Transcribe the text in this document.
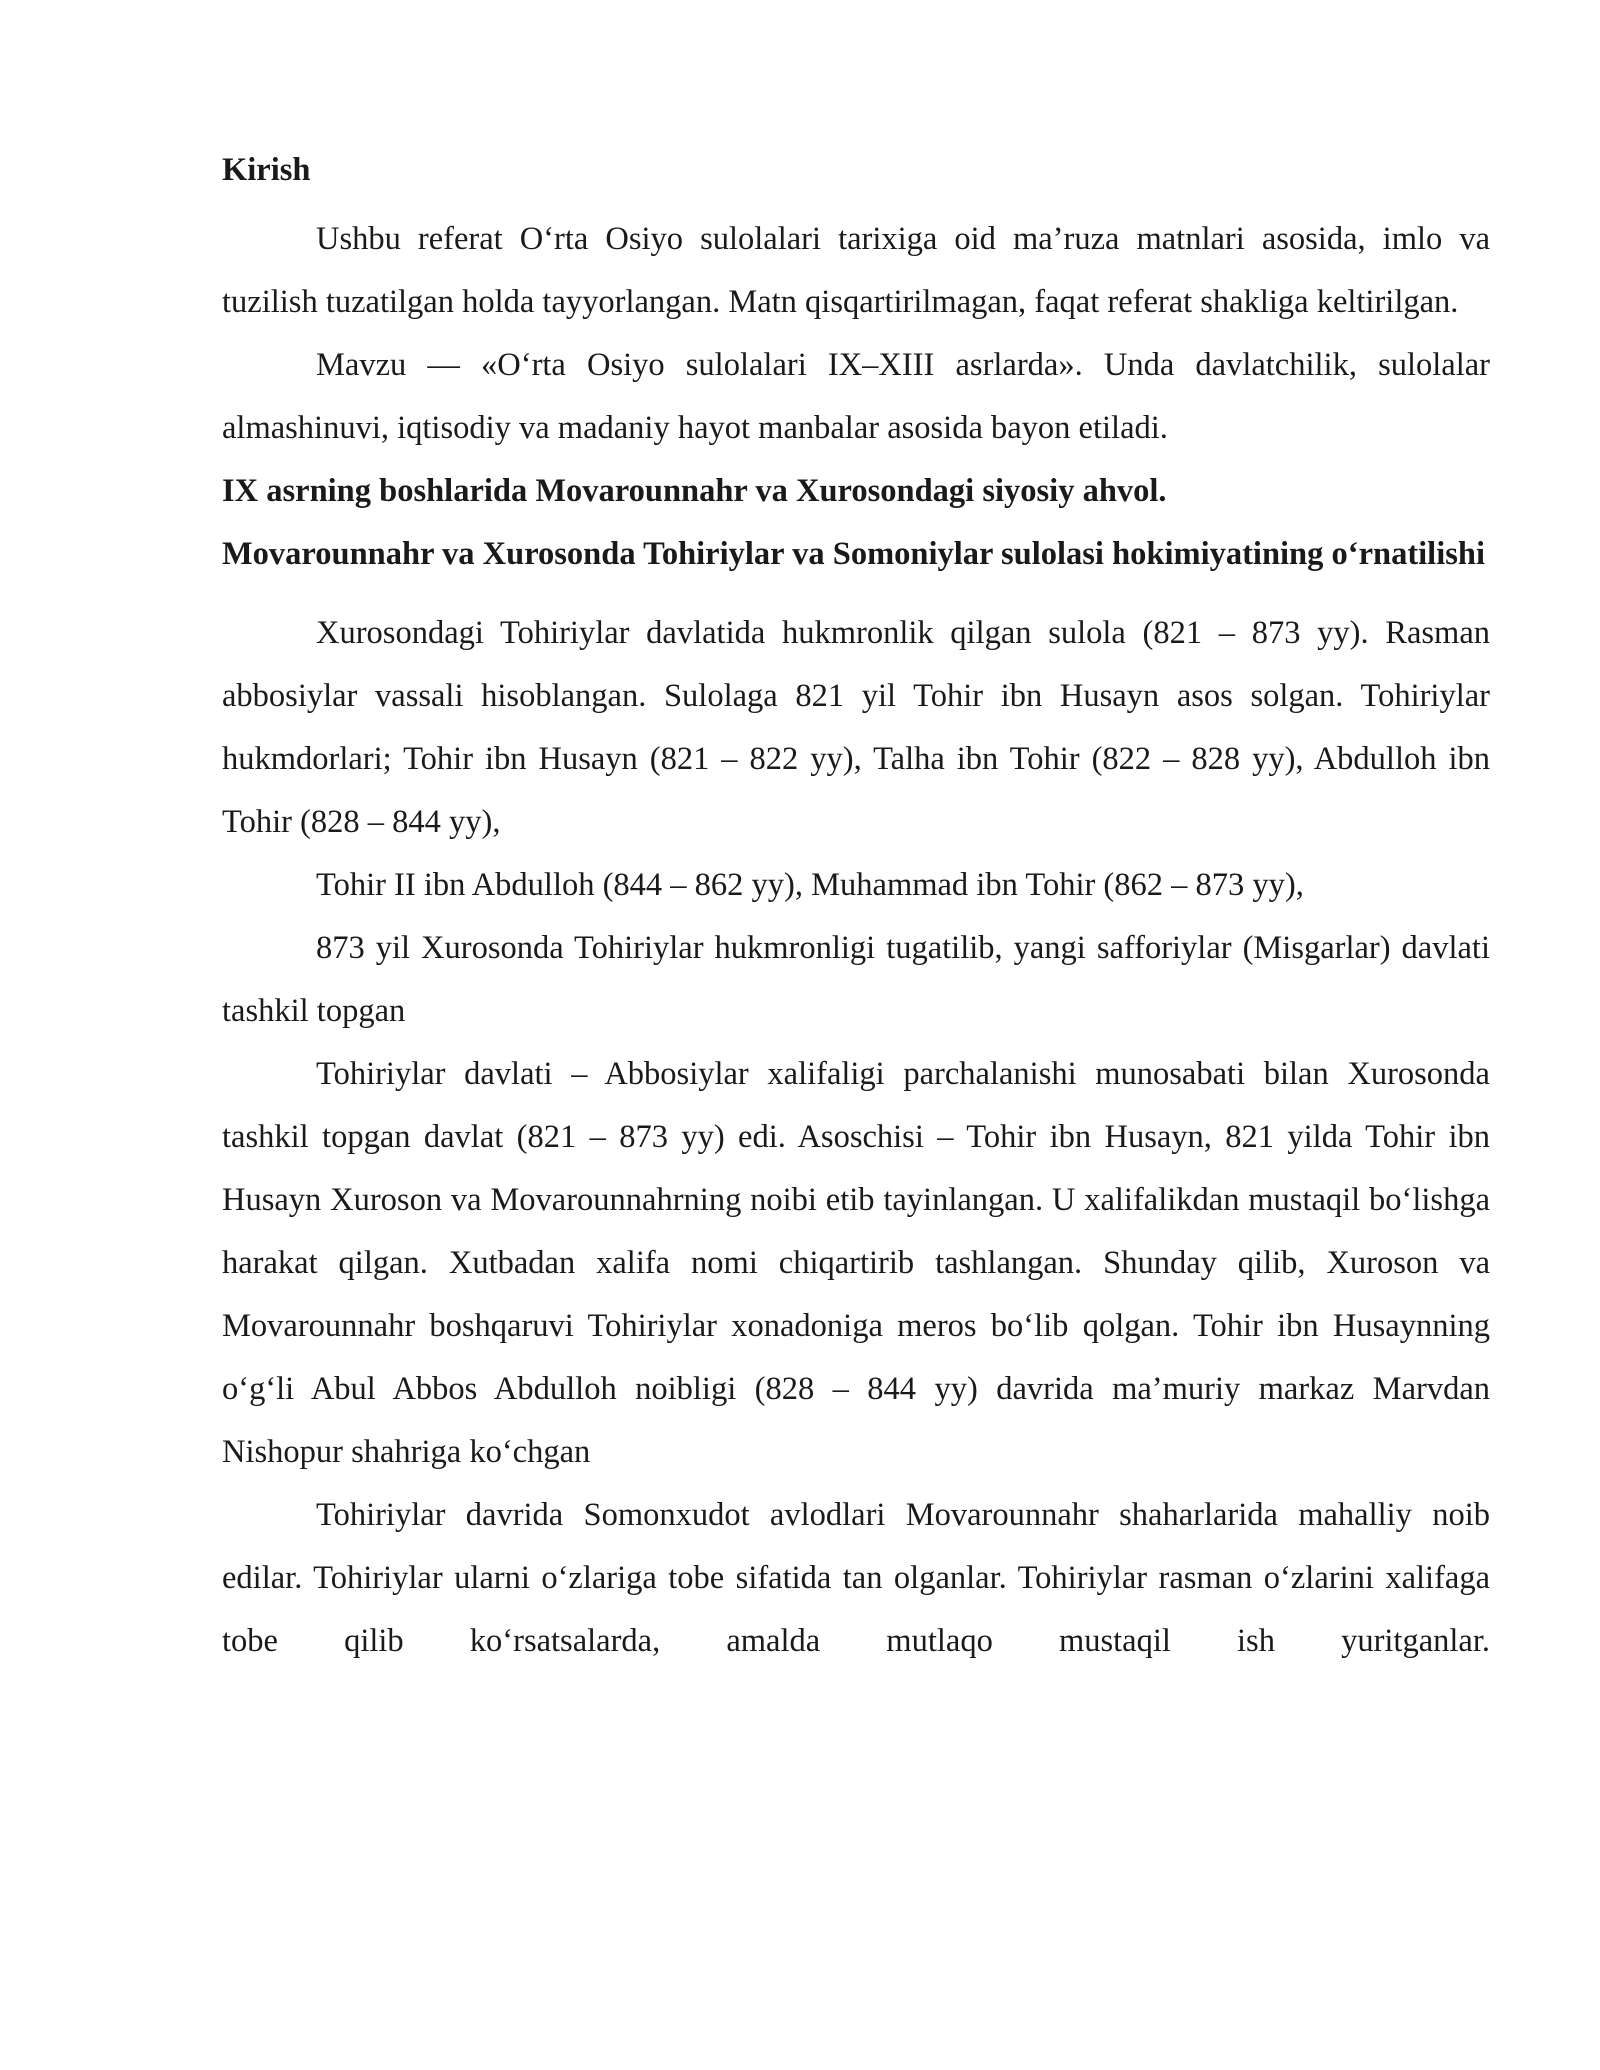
Kirish

Ushbu referat O‘rta Osiyo sulolalari tarixiga oid ma’ruza matnlari asosida, imlo va tuzilish tuzatilgan holda tayyorlangan. Matn qisqartirilmagan, faqat referat shakliga keltirilgan.

Mavzu — «O‘rta Osiyo sulolalari IX–XIII asrlarda». Unda davlatchilik, sulolalar almashinuvi, iqtisodiy va madaniy hayot manbalar asosida bayon etiladi.

IX asrning boshlarida Movarounnahr va Xurosondagi siyosiy ahvol.
Movarounnahr va Xurosonda Tohiriylar va Somoniylar sulolasi hokimiyatining o‘rnatilishi

Xurosondagi Tohiriylar davlatida hukmronlik qilgan sulola (821 – 873 yy). Rasman abbosiylar vassali hisoblangan. Sulolaga 821 yil Tohir ibn Husayn asos solgan. Tohiriylar hukmdorlari; Tohir ibn Husayn (821 – 822 yy), Talha ibn Tohir (822 – 828 yy), Abdulloh ibn Tohir (828 – 844 yy),

Tohir II ibn Abdulloh (844 – 862 yy), Muhammad ibn Tohir (862 – 873 yy),

873 yil Xurosonda Tohiriylar hukmronligi tugatilib, yangi safforiylar (Misgarlar) davlati tashkil topgan

Tohiriylar davlati – Abbosiylar xalifaligi parchalanishi munosabati bilan Xurosonda tashkil topgan davlat (821 – 873 yy) edi. Asoschisi – Tohir ibn Husayn, 821 yilda Tohir ibn Husayn Xuroson va Movarounnahrning noibi etib tayinlangan. U xalifalikdan mustaqil bo‘lishga harakat qilgan. Xutbadan xalifa nomi chiqartirib tashlangan. Shunday qilib, Xuroson va Movarounnahr boshqaruvi Tohiriylar xonadoniga meros bo‘lib qolgan. Tohir ibn Husaynning o‘g‘li Abul Abbos Abdulloh noibligi (828 – 844 yy) davrida ma’muriy markaz Marvdan Nishopur shahriga ko‘chgan

Tohiriylar davrida Somonxudot avlodlari Movarounnahr shaharlarida mahalliy noib edilar. Tohiriylar ularni o‘zlariga tobe sifatida tan olganlar. Tohiriylar rasman o‘zlarini xalifaga tobe qilib ko‘rsatsalarda, amalda mutlaqo mustaqil ish yuritganlar.
